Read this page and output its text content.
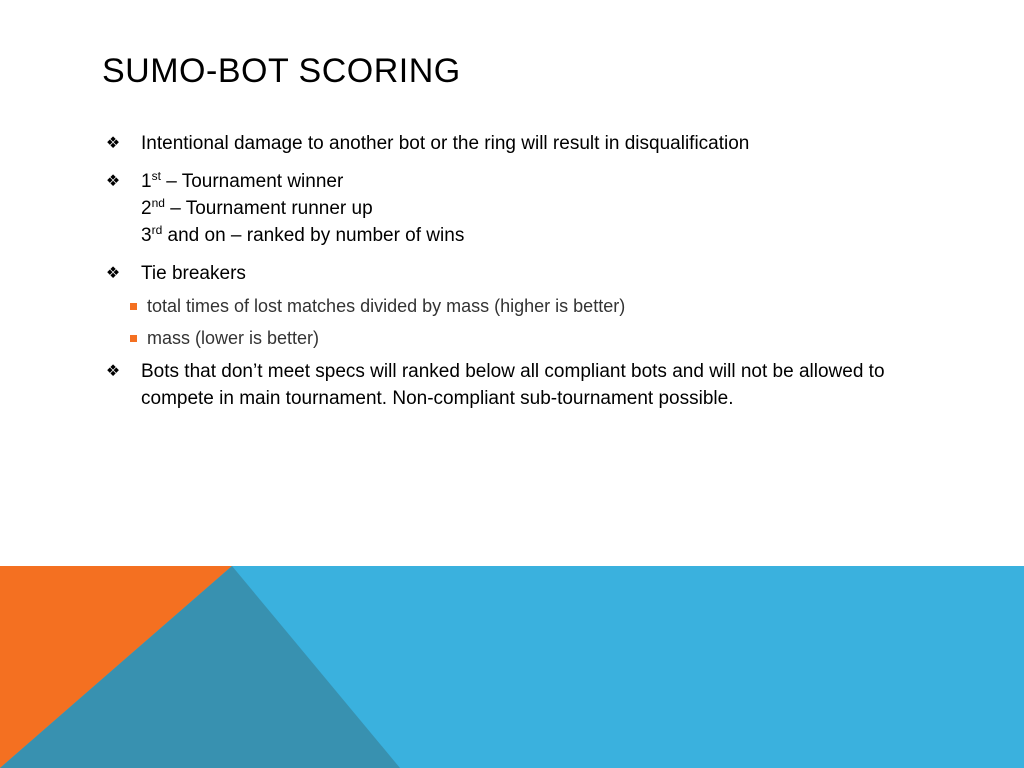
SUMO-BOT SCORING
❖ Intentional damage to another bot or the ring will result in disqualification
❖ 1st – Tournament winner
2nd – Tournament runner up
3rd and on – ranked by number of wins
❖ Tie breakers
total times of lost matches divided by mass (higher is better)
mass (lower is better)
❖ Bots that don’t meet specs will ranked below all compliant bots and will not be allowed to compete in main tournament. Non-compliant sub-tournament possible.
